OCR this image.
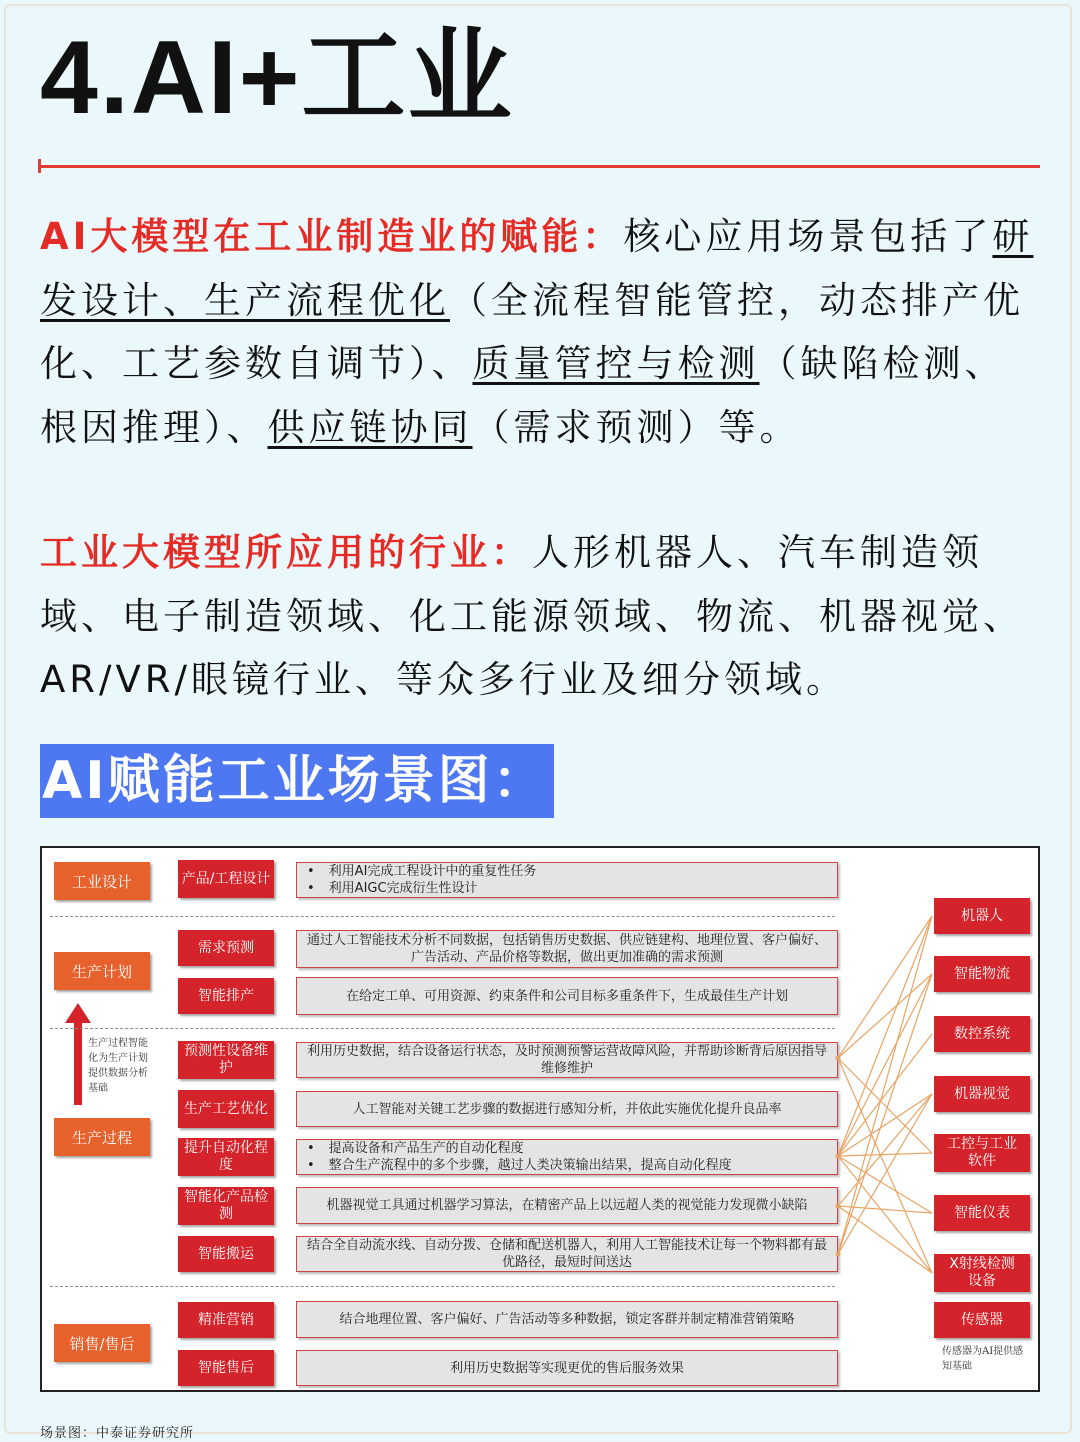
4.AI+工业
AI大模型在工业制造业的赋能：核心应用场景包括了研发设计、生产流程优化（全流程智能管控，动态排产优化、工艺参数自调节）、质量管控与检测（缺陷检测、根因推理）、供应链协同（需求预测）等。
工业大模型所应用的行业：人形机器人、汽车制造领域、电子制造领域、化工能源领域、物流、机器视觉、AR/VR/眼镜行业、等众多行业及细分领域。
AI赋能工业场景图：
工业设计
生产计划
生产过程
销售/售后
生产过程智能化为生产计划提供数据分析基础
产品/工程设计
需求预测
智能排产
预测性设备维护
生产工艺优化
提升自动化程度
智能化产品检测
智能搬运
精准营销
智能售后
• 利用AI完成工程设计中的重复性任务
• 利用AIGC完成衍生性设计
通过人工智能技术分析不同数据，包括销售历史数据、供应链建构、地理位置、客户偏好、广告活动、产品价格等数据，做出更加准确的需求预测
在给定工单、可用资源、约束条件和公司目标多重条件下，生成最佳生产计划
利用历史数据，结合设备运行状态，及时预测预警运营故障风险，并帮助诊断背后原因指导维修维护
人工智能对关键工艺步骤的数据进行感知分析，并依此实施优化提升良品率
• 提高设备和产品生产的自动化程度
• 整合生产流程中的多个步骤，越过人类决策输出结果，提高自动化程度
机器视觉工具通过机器学习算法，在精密产品上以远超人类的视觉能力发现微小缺陷
结合全自动流水线、自动分拨、仓储和配送机器人，利用人工智能技术让每一个物料都有最优路径，最短时间送达
结合地理位置、客户偏好、广告活动等多种数据，锁定客群并制定精准营销策略
利用历史数据等实现更优的售后服务效果
机器人
智能物流
数控系统
机器视觉
工控与工业软件
智能仪表
X射线检测设备
传感器
传感器为AI提供感知基础
场景图：中泰证券研究所
